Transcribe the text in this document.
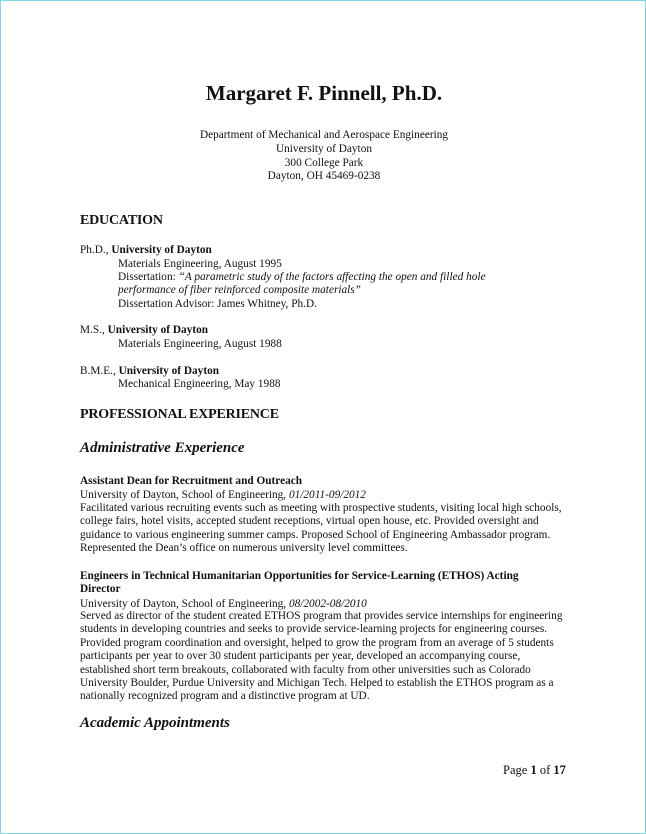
Margaret F. Pinnell, Ph.D.
Department of Mechanical and Aerospace Engineering
University of Dayton
300 College Park
Dayton, OH 45469-0238
EDUCATION
Ph.D., University of Dayton
Materials Engineering, August 1995
Dissertation: “A parametric study of the factors affecting the open and filled hole
performance of fiber reinforced composite materials”
Dissertation Advisor: James Whitney, Ph.D.
M.S., University of Dayton
Materials Engineering, August 1988
B.M.E., University of Dayton
Mechanical Engineering, May 1988
PROFESSIONAL EXPERIENCE
Administrative Experience
Assistant Dean for Recruitment and Outreach
University of Dayton, School of Engineering, 01/2011-09/2012
Facilitated various recruiting events such as meeting with prospective students, visiting local high schools, college fairs, hotel visits, accepted student receptions, virtual open house, etc. Provided oversight and guidance to various engineering summer camps. Proposed School of Engineering Ambassador program. Represented the Dean’s office on numerous university level committees.
Engineers in Technical Humanitarian Opportunities for Service-Learning (ETHOS) Acting Director
University of Dayton, School of Engineering, 08/2002-08/2010
Served as director of the student created ETHOS program that provides service internships for engineering students in developing countries and seeks to provide service-learning projects for engineering courses. Provided program coordination and oversight, helped to grow the program from an average of 5 students participants per year to over 30 student participants per year, developed an accompanying course, established short term breakouts, collaborated with faculty from other universities such as Colorado University Boulder, Purdue University and Michigan Tech. Helped to establish the ETHOS program as a nationally recognized program and a distinctive program at UD.
Academic Appointments
Page 1 of 17
